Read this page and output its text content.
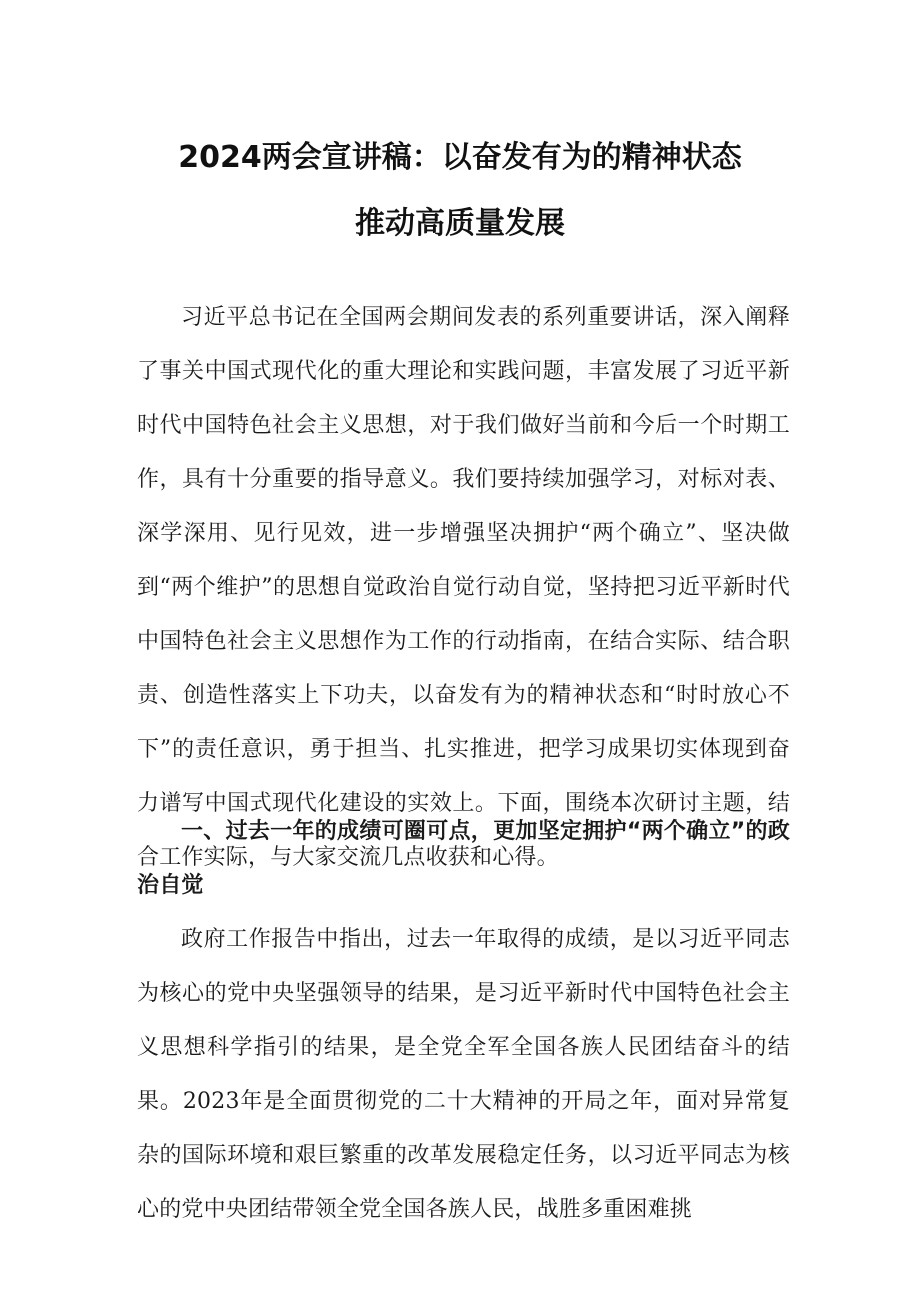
2024两会宣讲稿：以奋发有为的精神状态
推动高质量发展

习近平总书记在全国两会期间发表的系列重要讲话，深入阐释了事关中国式现代化的重大理论和实践问题，丰富发展了习近平新时代中国特色社会主义思想，对于我们做好当前和今后一个时期工作，具有十分重要的指导意义。我们要持续加强学习，对标对表、深学深用、见行见效，进一步增强坚决拥护“两个确立”、坚决做到“两个维护”的思想自觉政治自觉行动自觉，坚持把习近平新时代中国特色社会主义思想作为工作的行动指南，在结合实际、结合职责、创造性落实上下功夫，以奋发有为的精神状态和“时时放心不下”的责任意识，勇于担当、扎实推进，把学习成果切实体现到奋力谱写中国式现代化建设的实效上。下面，围绕本次研讨主题，结合工作实际，与大家交流几点收获和心得。

一、过去一年的成绩可圈可点，更加坚定拥护“两个确立”的政治自觉

政府工作报告中指出，过去一年取得的成绩，是以习近平同志为核心的党中央坚强领导的结果，是习近平新时代中国特色社会主义思想科学指引的结果，是全党全军全国各族人民团结奋斗的结果。2023年是全面贯彻党的二十大精神的开局之年，面对异常复杂的国际环境和艰巨繁重的改革发展稳定任务，以习近平同志为核心的党中央团结带领全党全国各族人民，战胜多重困难挑
